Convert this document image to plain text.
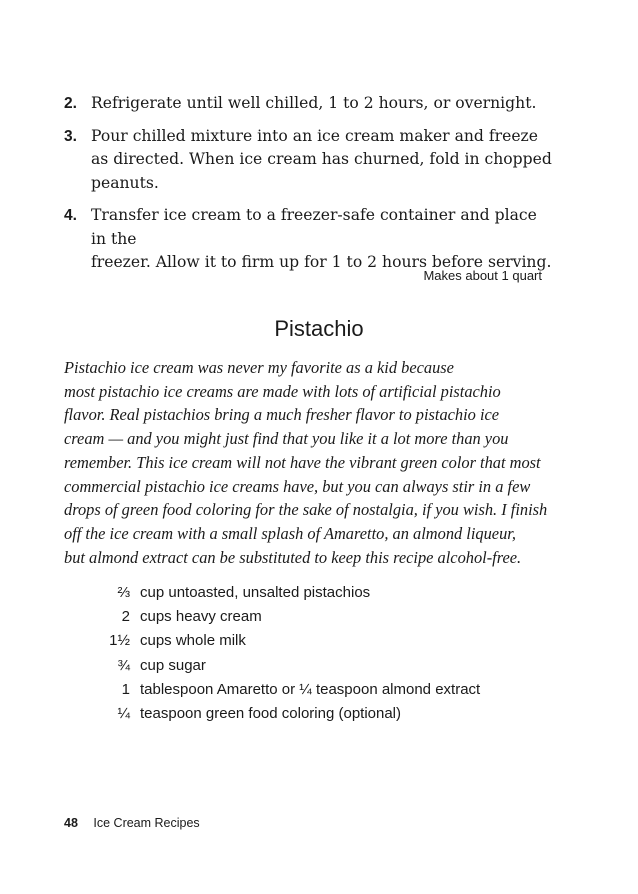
2. Refrigerate until well chilled, 1 to 2 hours, or overnight.
3. Pour chilled mixture into an ice cream maker and freeze
as directed. When ice cream has churned, fold in chopped
peanuts.
4. Transfer ice cream to a freezer-safe container and place in the
freezer. Allow it to firm up for 1 to 2 hours before serving.
Makes about 1 quart
Pistachio
Pistachio ice cream was never my favorite as a kid because
most pistachio ice creams are made with lots of artificial pistachio
flavor. Real pistachios bring a much fresher flavor to pistachio ice
cream — and you might just find that you like it a lot more than you
remember. This ice cream will not have the vibrant green color that most
commercial pistachio ice creams have, but you can always stir in a few
drops of green food coloring for the sake of nostalgia, if you wish. I finish
off the ice cream with a small splash of Amaretto, an almond liqueur,
but almond extract can be substituted to keep this recipe alcohol-free.
⅔ cup untoasted, unsalted pistachios
2 cups heavy cream
1½ cups whole milk
¾ cup sugar
1 tablespoon Amaretto or ¼ teaspoon almond extract
¼ teaspoon green food coloring (optional)
48 Ice Cream Recipes
